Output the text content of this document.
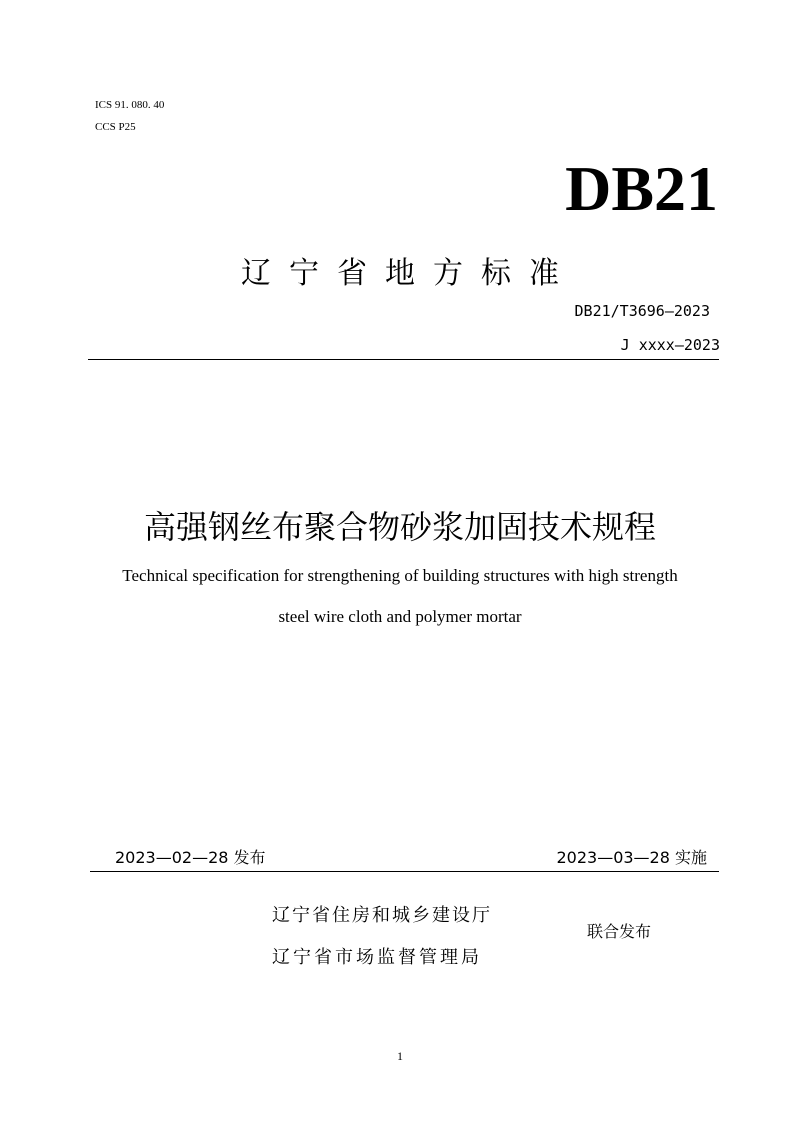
ICS 91. 080. 40
CCS P25
DB21
辽宁省地方标准
DB21/T3696—2023
J xxxx—2023
高强钢丝布聚合物砂浆加固技术规程
Technical specification for strengthening of building structures with high strength
steel wire cloth and polymer mortar
2023—02—28 发布	2023—03—28 实施
辽宁省住房和城乡建设厅
辽宁省市场监督管理局
联合发布
1
